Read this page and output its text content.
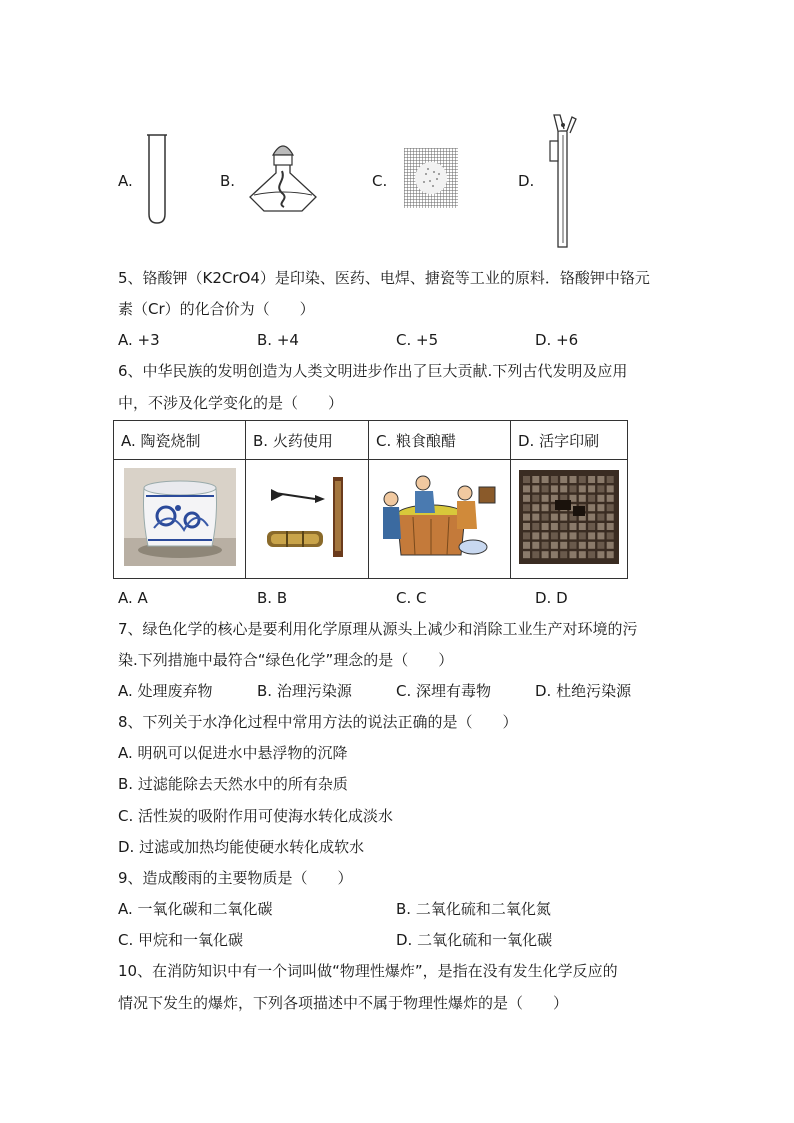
A.	B.	C.	D.
5、铬酸钾（K2CrO4）是印染、医药、电焊、搪瓷等工业的原料．铬酸钾中铬元
素（Cr）的化合价为（　　）
A. +3	B. +4	C. +5	D. +6
6、中华民族的发明创造为人类文明进步作出了巨大贡献.下列古代发明及应用
中，不涉及化学变化的是（　　）
A. 陶瓷烧制	B. 火药使用	C. 粮食酿醋	D. 活字印刷

A. A	B. B	C. C	D. D
7、绿色化学的核心是要利用化学原理从源头上减少和消除工业生产对环境的污
染.下列措施中最符合“绿色化学”理念的是（　　）
A. 处理废弃物	B. 治理污染源	C. 深埋有毒物	D. 杜绝污染源
8、下列关于水净化过程中常用方法的说法正确的是（　　）
A. 明矾可以促进水中悬浮物的沉降
B. 过滤能除去天然水中的所有杂质
C. 活性炭的吸附作用可使海水转化成淡水
D. 过滤或加热均能使硬水转化成软水
9、造成酸雨的主要物质是（　　）
A. 一氧化碳和二氧化碳	B. 二氧化硫和二氧化氮
C. 甲烷和一氧化碳	D. 二氧化硫和一氧化碳
10、在消防知识中有一个词叫做“物理性爆炸”，是指在没有发生化学反应的
情况下发生的爆炸，下列各项描述中不属于物理性爆炸的是（　　）
